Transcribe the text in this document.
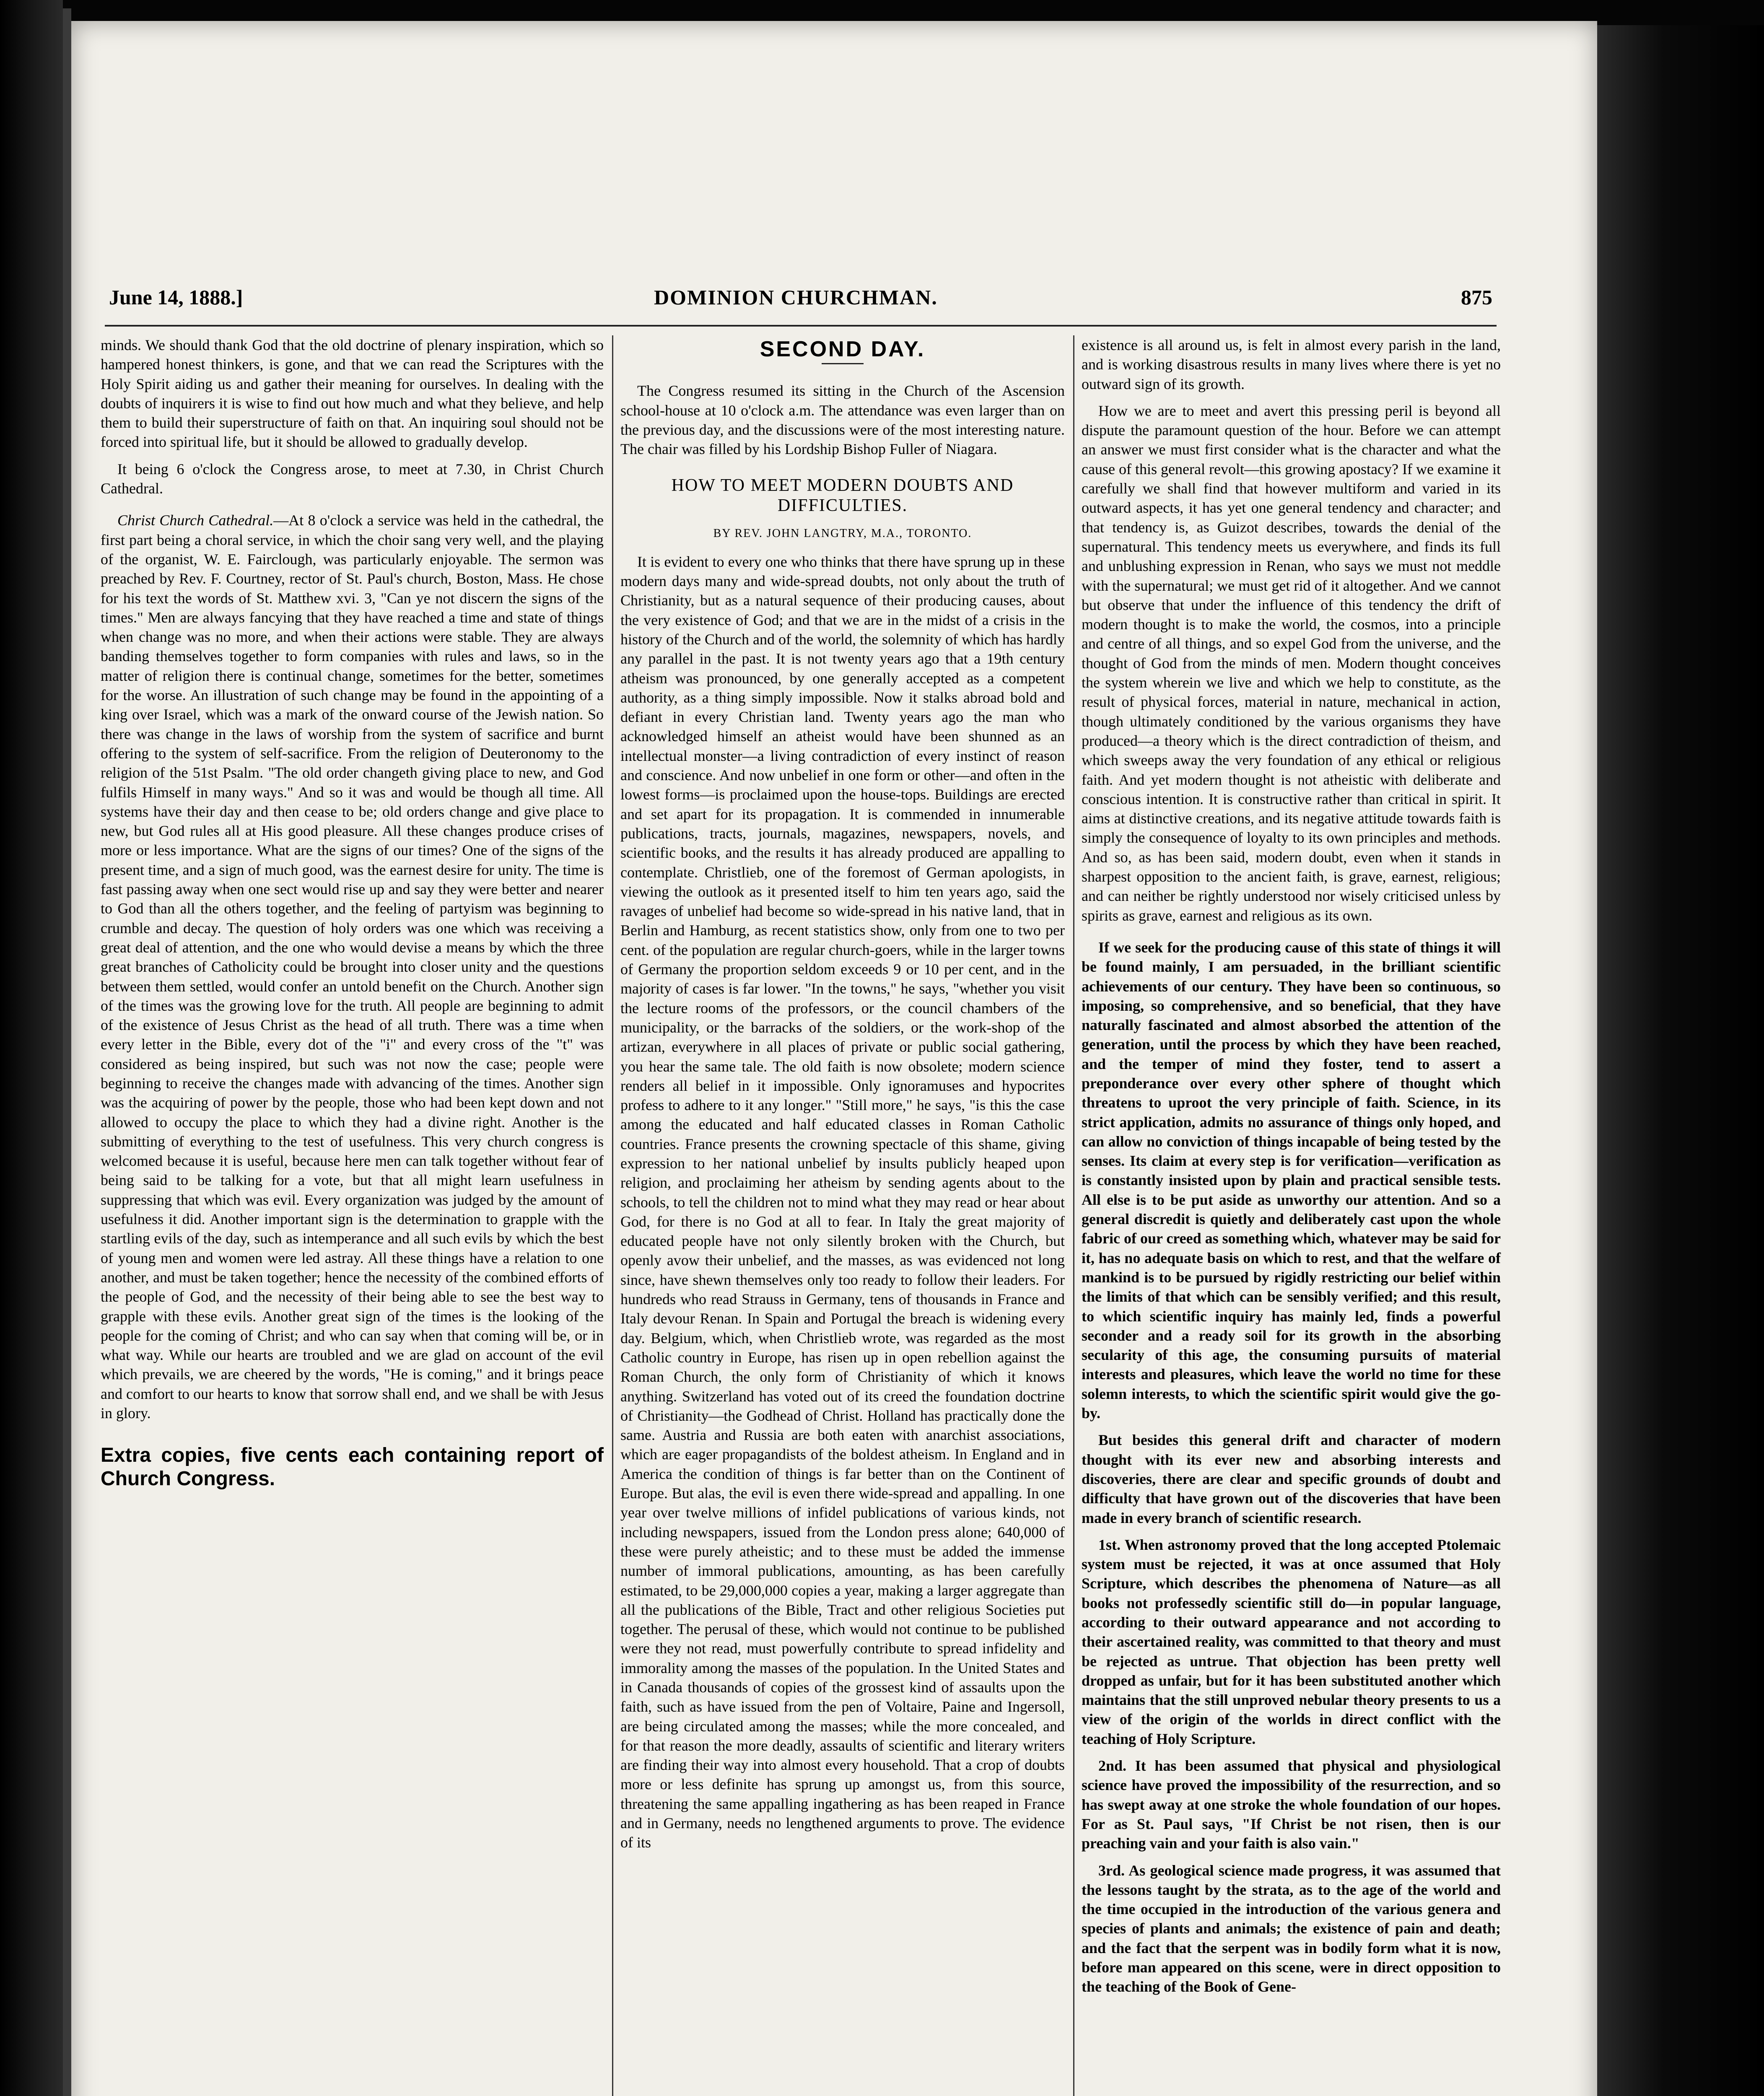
June 14, 1888.]	DOMINION CHURCHMAN.	875

minds. We should thank God that the old doctrine of plenary inspiration, which so hampered honest thinkers, is gone, and that we can read the Scriptures with the Holy Spirit aiding us and gather their meaning for ourselves. In dealing with the doubts of inquirers it is wise to find out how much and what they believe, and help them to build their superstructure of faith on that. An inquiring soul should not be forced into spiritual life, but it should be allowed to gradually develop.

It being 6 o'clock the Congress arose, to meet at 7.30, in Christ Church Cathedral.

Christ Church Cathedral.—At 8 o'clock a service was held in the cathedral, the first part being a choral service, in which the choir sang very well, and the playing of the organist, W. E. Fairclough, was particularly enjoyable. The sermon was preached by Rev. F. Courtney, rector of St. Paul's church, Boston, Mass. He chose for his text the words of St. Matthew xvi. 3, "Can ye not discern the signs of the times." Men are always fancying that they have reached a time and state of things when change was no more, and when their actions were stable. They are always banding themselves together to form companies with rules and laws, so in the matter of religion there is continual change, sometimes for the better, sometimes for the worse. An illustration of such change may be found in the appointing of a king over Israel, which was a mark of the onward course of the Jewish nation. So there was change in the laws of worship from the system of sacrifice and burnt offering to the system of self-sacrifice. From the religion of Deuteronomy to the religion of the 51st Psalm. "The old order changeth giving place to new, and God fulfils Himself in many ways." And so it was and would be though all time. All systems have their day and then cease to be; old orders change and give place to new, but God rules all at His good pleasure. All these changes produce crises of more or less importance. What are the signs of our times? One of the signs of the present time, and a sign of much good, was the earnest desire for unity. The time is fast passing away when one sect would rise up and say they were better and nearer to God than all the others together, and the feeling of partyism was beginning to crumble and decay. The question of holy orders was one which was receiving a great deal of attention, and the one who would devise a means by which the three great branches of Catholicity could be brought into closer unity and the questions between them settled, would confer an untold benefit on the Church. Another sign of the times was the growing love for the truth. All people are beginning to admit of the existence of Jesus Christ as the head of all truth. There was a time when every letter in the Bible, every dot of the "i" and every cross of the "t" was considered as being inspired, but such was not now the case; people were beginning to receive the changes made with advancing of the times. Another sign was the acquiring of power by the people, those who had been kept down and not allowed to occupy the place to which they had a divine right. Another is the submitting of everything to the test of usefulness. This very church congress is welcomed because it is useful, because here men can talk together without fear of being said to be talking for a vote, but that all might learn usefulness in suppressing that which was evil. Every organization was judged by the amount of usefulness it did. Another important sign is the determination to grapple with the startling evils of the day, such as intemperance and all such evils by which the best of young men and women were led astray. All these things have a relation to one another, and must be taken together; hence the necessity of the combined efforts of the people of God, and the necessity of their being able to see the best way to grapple with these evils. Another great sign of the times is the looking of the people for the coming of Christ; and who can say when that coming will be, or in what way. While our hearts are troubled and we are glad on account of the evil which prevails, we are cheered by the words, "He is coming," and it brings peace and comfort to our hearts to know that sorrow shall end, and we shall be with Jesus in glory.

Extra copies, five cents each containing report of Church Congress.

SECOND DAY.

The Congress resumed its sitting in the Church of the Ascension school-house at 10 o'clock a.m. The attendance was even larger than on the previous day, and the discussions were of the most interesting nature. The chair was filled by his Lordship Bishop Fuller of Niagara.

HOW TO MEET MODERN DOUBTS AND DIFFICULTIES.
BY REV. JOHN LANGTRY, M.A., TORONTO.

It is evident to every one who thinks that there have sprung up in these modern days many and wide-spread doubts, not only about the truth of Christianity, but as a natural sequence of their producing causes, about the very existence of God; and that we are in the midst of a crisis in the history of the Church and of the world, the solemnity of which has hardly any parallel in the past. It is not twenty years ago that a 19th century atheism was pronounced, by one generally accepted as a competent authority, as a thing simply impossible. Now it stalks abroad bold and defiant in every Christian land. Twenty years ago the man who acknowledged himself an atheist would have been shunned as an intellectual monster—a living contradiction of every instinct of reason and conscience. And now unbelief in one form or other—and often in the lowest forms—is proclaimed upon the house-tops. Buildings are erected and set apart for its propagation. It is commended in innumerable publications, tracts, journals, magazines, newspapers, novels, and scientific books, and the results it has already produced are appalling to contemplate. Christlieb, one of the foremost of German apologists, in viewing the outlook as it presented itself to him ten years ago, said the ravages of unbelief had become so wide-spread in his native land, that in Berlin and Hamburg, as recent statistics show, only from one to two per cent. of the population are regular church-goers, while in the larger towns of Germany the proportion seldom exceeds 9 or 10 per cent, and in the majority of cases is far lower. "In the towns," he says, "whether you visit the lecture rooms of the professors, or the council chambers of the municipality, or the barracks of the soldiers, or the work-shop of the artizan, everywhere in all places of private or public social gathering, you hear the same tale. The old faith is now obsolete; modern science renders all belief in it impossible. Only ignoramuses and hypocrites profess to adhere to it any longer." "Still more," he says, "is this the case among the educated and half educated classes in Roman Catholic countries. France presents the crowning spectacle of this shame, giving expression to her national unbelief by insults publicly heaped upon religion, and proclaiming her atheism by sending agents about to the schools, to tell the children not to mind what they may read or hear about God, for there is no God at all to fear. In Italy the great majority of educated people have not only silently broken with the Church, but openly avow their unbelief, and the masses, as was evidenced not long since, have shewn themselves only too ready to follow their leaders. For hundreds who read Strauss in Germany, tens of thousands in France and Italy devour Renan. In Spain and Portugal the breach is widening every day. Belgium, which, when Christlieb wrote, was regarded as the most Catholic country in Europe, has risen up in open rebellion against the Roman Church, the only form of Christianity of which it knows anything. Switzerland has voted out of its creed the foundation doctrine of Christianity—the Godhead of Christ. Holland has practically done the same. Austria and Russia are both eaten with anarchist associations, which are eager propagandists of the boldest atheism. In England and in America the condition of things is far better than on the Continent of Europe. But alas, the evil is even there wide-spread and appalling. In one year over twelve millions of infidel publications of various kinds, not including newspapers, issued from the London press alone; 640,000 of these were purely atheistic; and to these must be added the immense number of immoral publications, amounting, as has been carefully estimated, to be 29,000,000 copies a year, making a larger aggregate than all the publications of the Bible, Tract and other religious Societies put together. The perusal of these, which would not continue to be published were they not read, must powerfully contribute to spread infidelity and immorality among the masses of the population. In the United States and in Canada thousands of copies of the grossest kind of assaults upon the faith, such as have issued from the pen of Voltaire, Paine and Ingersoll, are being circulated among the masses; while the more concealed, and for that reason the more deadly, assaults of scientific and literary writers are finding their way into almost every household. That a crop of doubts more or less definite has sprung up amongst us, from this source, threatening the same appalling ingathering as has been reaped in France and in Germany, needs no lengthened arguments to prove. The evidence of its

existence is all around us, is felt in almost every parish in the land, and is working disastrous results in many lives where there is yet no outward sign of its growth.

How we are to meet and avert this pressing peril is beyond all dispute the paramount question of the hour. Before we can attempt an answer we must first consider what is the character and what the cause of this general revolt—this growing apostacy? If we examine it carefully we shall find that however multiform and varied in its outward aspects, it has yet one general tendency and character; and that tendency is, as Guizot describes, towards the denial of the supernatural. This tendency meets us everywhere, and finds its full and unblushing expression in Renan, who says we must not meddle with the supernatural; we must get rid of it altogether. And we cannot but observe that under the influence of this tendency the drift of modern thought is to make the world, the cosmos, into a principle and centre of all things, and so expel God from the universe, and the thought of God from the minds of men. Modern thought conceives the system wherein we live and which we help to constitute, as the result of physical forces, material in nature, mechanical in action, though ultimately conditioned by the various organisms they have produced—a theory which is the direct contradiction of theism, and which sweeps away the very foundation of any ethical or religious faith. And yet modern thought is not atheistic with deliberate and conscious intention. It is constructive rather than critical in spirit. It aims at distinctive creations, and its negative attitude towards faith is simply the consequence of loyalty to its own principles and methods. And so, as has been said, modern doubt, even when it stands in sharpest opposition to the ancient faith, is grave, earnest, religious; and can neither be rightly understood nor wisely criticised unless by spirits as grave, earnest and religious as its own.

If we seek for the producing cause of this state of things it will be found mainly, I am persuaded, in the brilliant scientific achievements of our century. They have been so continuous, so imposing, so comprehensive, and so beneficial, that they have naturally fascinated and almost absorbed the attention of the generation, until the process by which they have been reached, and the temper of mind they foster, tend to assert a preponderance over every other sphere of thought which threatens to uproot the very principle of faith. Science, in its strict application, admits no assurance of things only hoped, and can allow no conviction of things incapable of being tested by the senses. Its claim at every step is for verification—verification as is constantly insisted upon by plain and practical sensible tests. All else is to be put aside as unworthy our attention. And so a general discredit is quietly and deliberately cast upon the whole fabric of our creed as something which, whatever may be said for it, has no adequate basis on which to rest, and that the welfare of mankind is to be pursued by rigidly restricting our belief within the limits of that which can be sensibly verified; and this result, to which scientific inquiry has mainly led, finds a powerful seconder and a ready soil for its growth in the absorbing secularity of this age, the consuming pursuits of material interests and pleasures, which leave the world no time for these solemn interests, to which the scientific spirit would give the go-by.

But besides this general drift and character of modern thought with its ever new and absorbing interests and discoveries, there are clear and specific grounds of doubt and difficulty that have grown out of the discoveries that have been made in every branch of scientific research.

1st. When astronomy proved that the long accepted Ptolemaic system must be rejected, it was at once assumed that Holy Scripture, which describes the phenomena of Nature—as all books not professedly scientific still do—in popular language, according to their outward appearance and not according to their ascertained reality, was committed to that theory and must be rejected as untrue. That objection has been pretty well dropped as unfair, but for it has been substituted another which maintains that the still unproved nebular theory presents to us a view of the origin of the worlds in direct conflict with the teaching of Holy Scripture.

2nd. It has been assumed that physical and physiological science have proved the impossibility of the resurrection, and so has swept away at one stroke the whole foundation of our hopes. For as St. Paul says, "If Christ be not risen, then is our preaching vain and your faith is also vain."

3rd. As geological science made progress, it was assumed that the lessons taught by the strata, as to the age of the world and the time occupied in the introduction of the various genera and species of plants and animals; the existence of pain and death; and the fact that the serpent was in bodily form what it is now, before man appeared on this scene, were in direct opposition to the teaching of the Book of Gene-
